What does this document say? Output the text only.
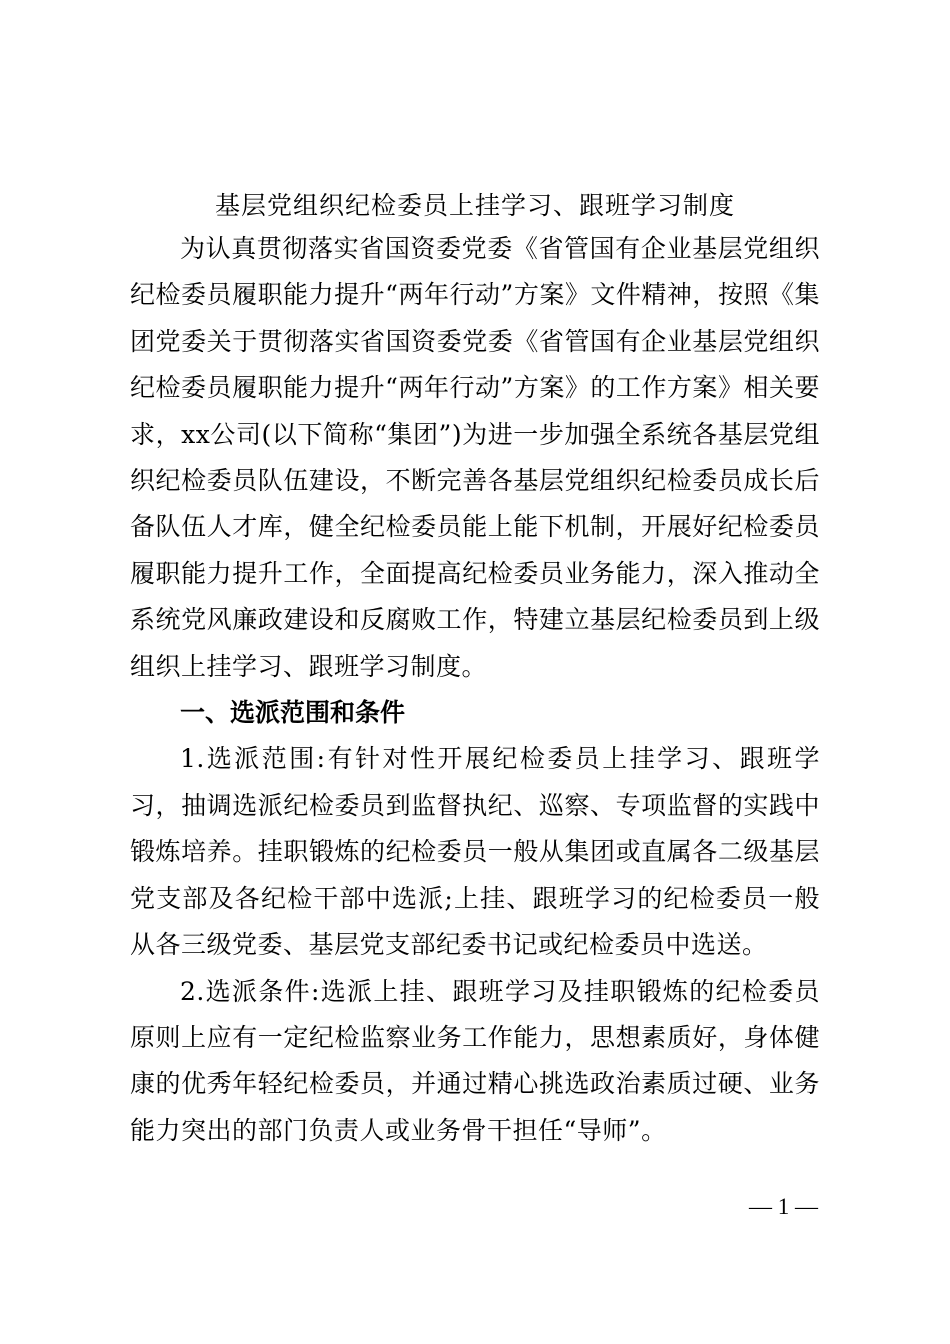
基层党组织纪检委员上挂学习、跟班学习制度

为认真贯彻落实省国资委党委《省管国有企业基层党组织纪检委员履职能力提升“两年行动”方案》文件精神，按照《集团党委关于贯彻落实省国资委党委《省管国有企业基层党组织纪检委员履职能力提升“两年行动”方案》的工作方案》相关要求，xx公司(以下简称“集团”)为进一步加强全系统各基层党组织纪检委员队伍建设，不断完善各基层党组织纪检委员成长后备队伍人才库，健全纪检委员能上能下机制，开展好纪检委员履职能力提升工作，全面提高纪检委员业务能力，深入推动全系统党风廉政建设和反腐败工作，特建立基层纪检委员到上级组织上挂学习、跟班学习制度。

一、选派范围和条件

1.选派范围:有针对性开展纪检委员上挂学习、跟班学习，抽调选派纪检委员到监督执纪、巡察、专项监督的实践中锻炼培养。挂职锻炼的纪检委员一般从集团或直属各二级基层党支部及各纪检干部中选派;上挂、跟班学习的纪检委员一般从各三级党委、基层党支部纪委书记或纪检委员中选送。

2.选派条件:选派上挂、跟班学习及挂职锻炼的纪检委员原则上应有一定纪检监察业务工作能力，思想素质好，身体健康的优秀年轻纪检委员，并通过精心挑选政治素质过硬、业务能力突出的部门负责人或业务骨干担任“导师”。

— 1 —
